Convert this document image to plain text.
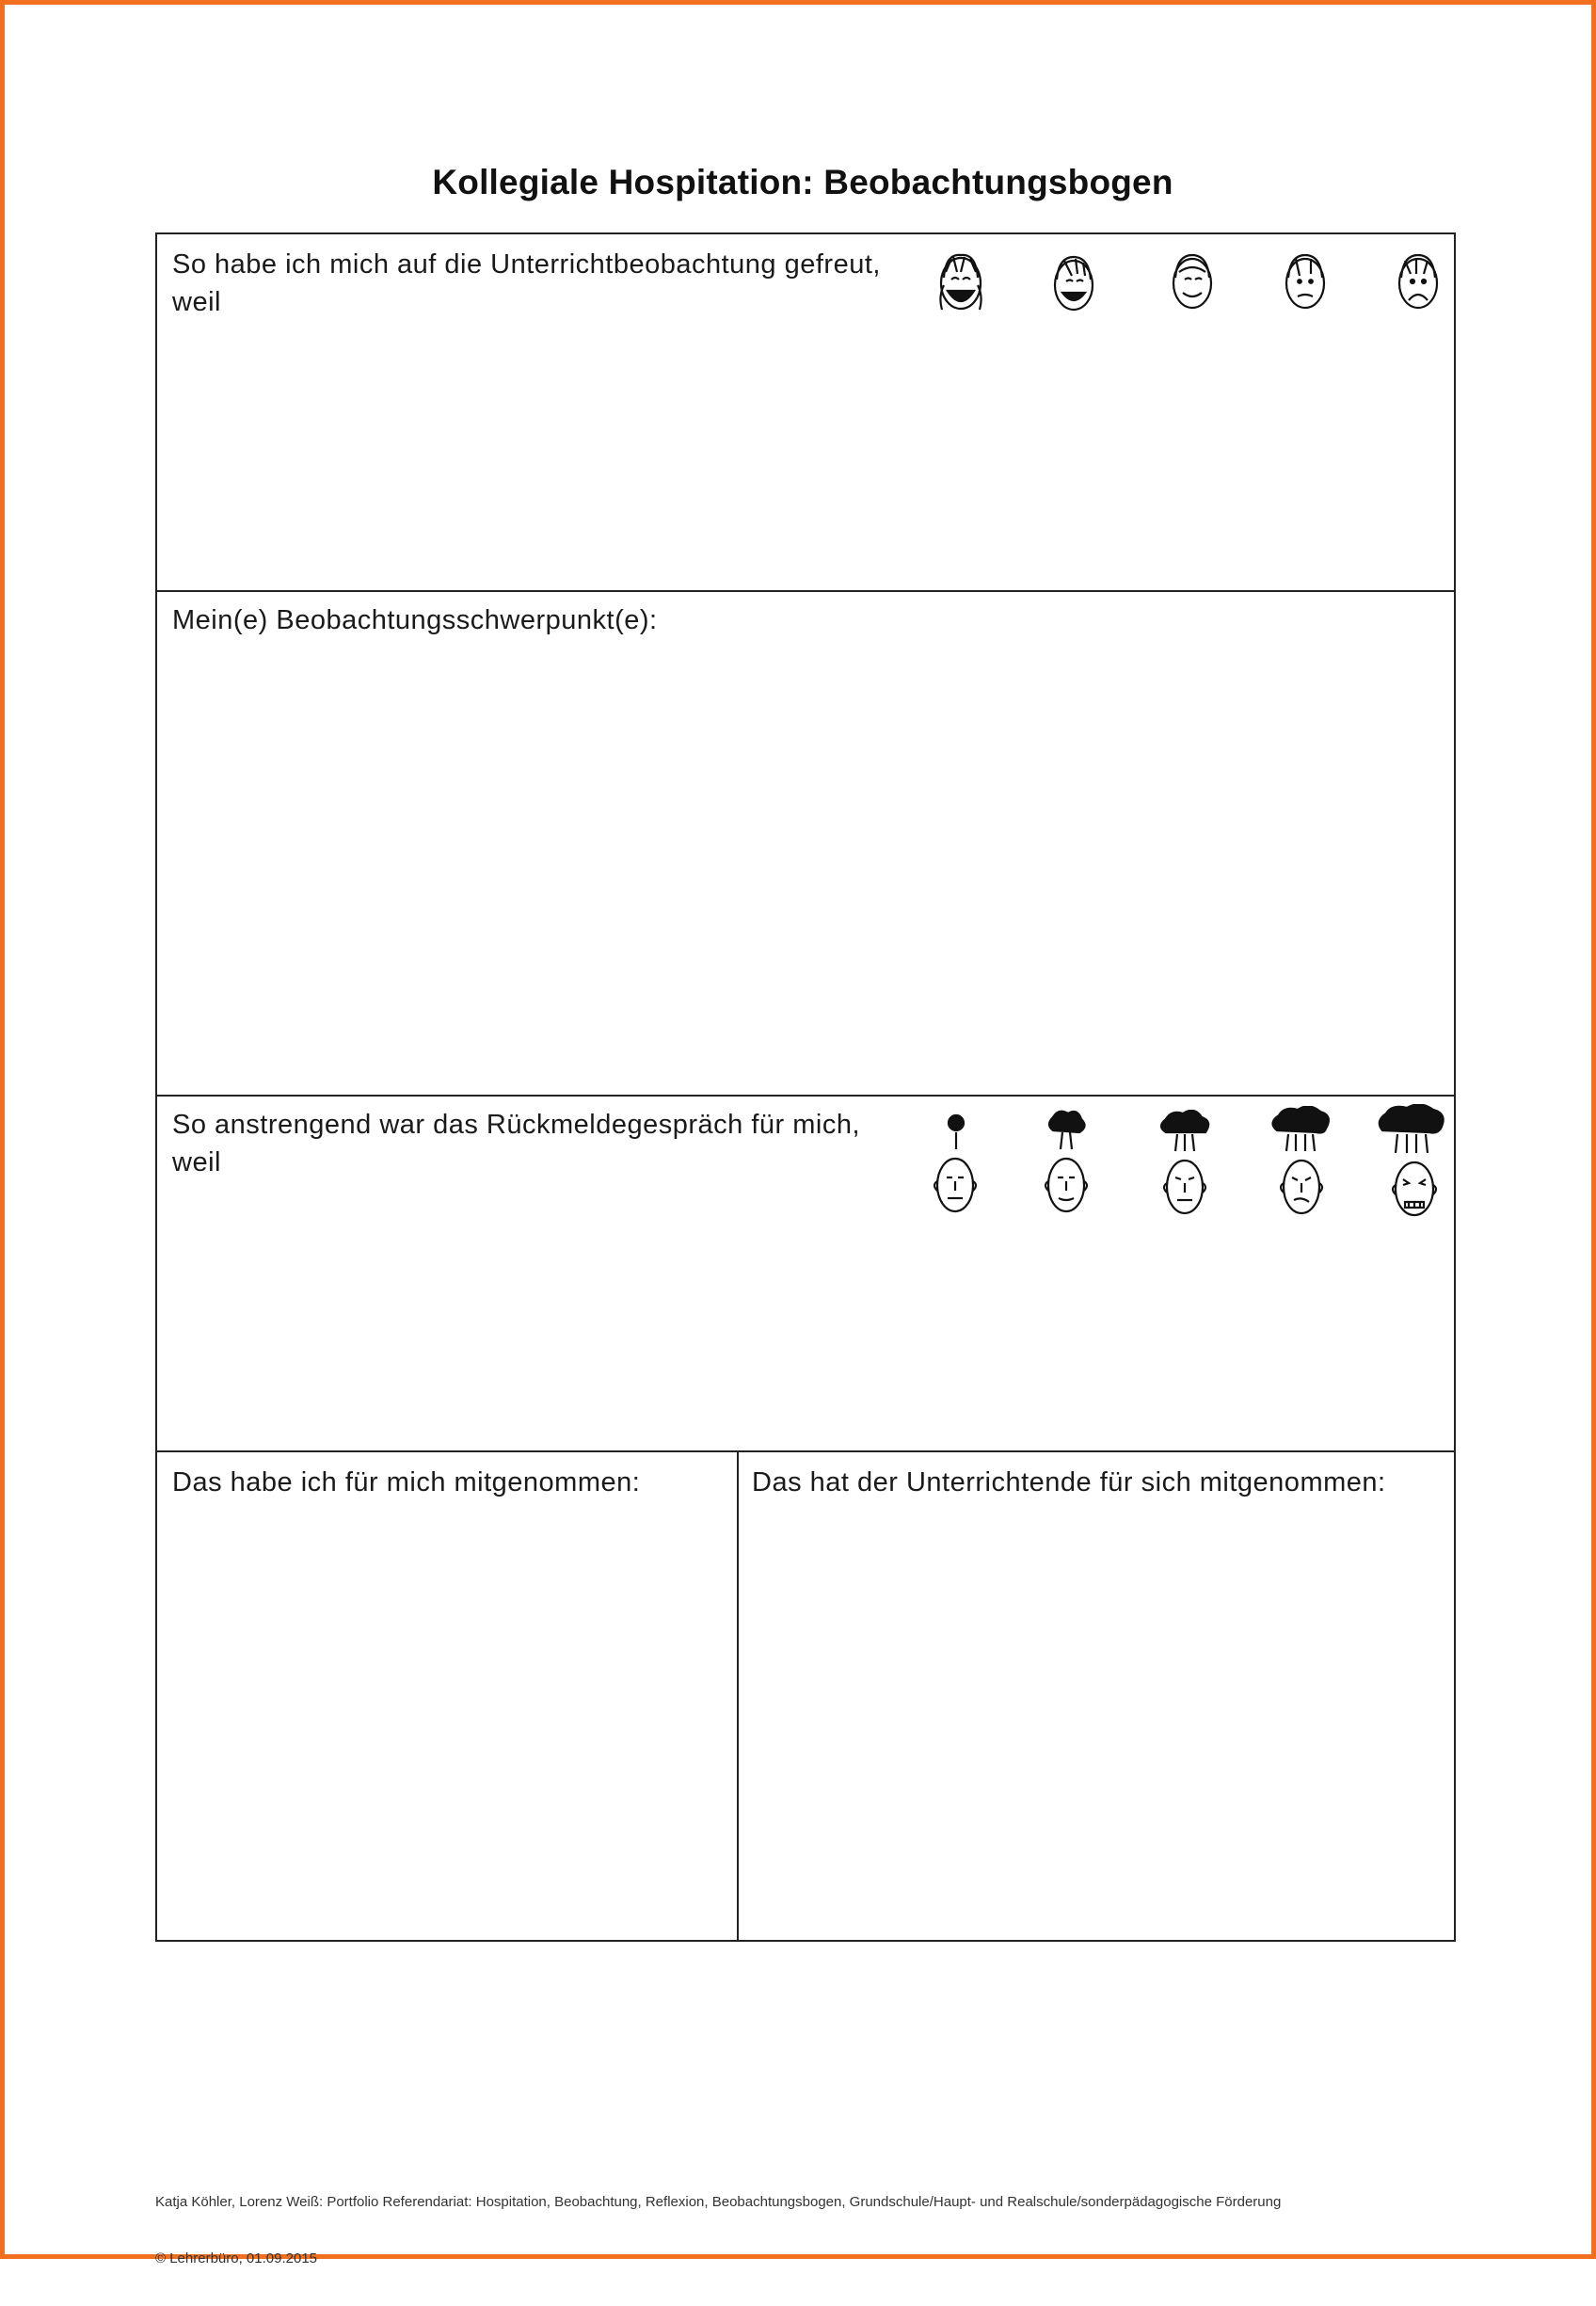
Kollegiale Hospitation: Beobachtungsbogen
So habe ich mich auf die Unterrichtbeobachtung gefreut,
weil
Mein(e) Beobachtungsschwerpunkt(e):
So anstrengend war das Rückmeldegespräch für mich,
weil
Das habe ich für mich mitgenommen:	Das hat der Unterrichtende für sich mitgenommen:

Katja Köhler, Lorenz Weiß: Portfolio Referendariat: Hospitation, Beobachtung, Reflexion, Beobachtungsbogen, Grundschule/Haupt- und Realschule/sonderpädagogische Förderung

© Lehrerbüro, 01.09.2015
